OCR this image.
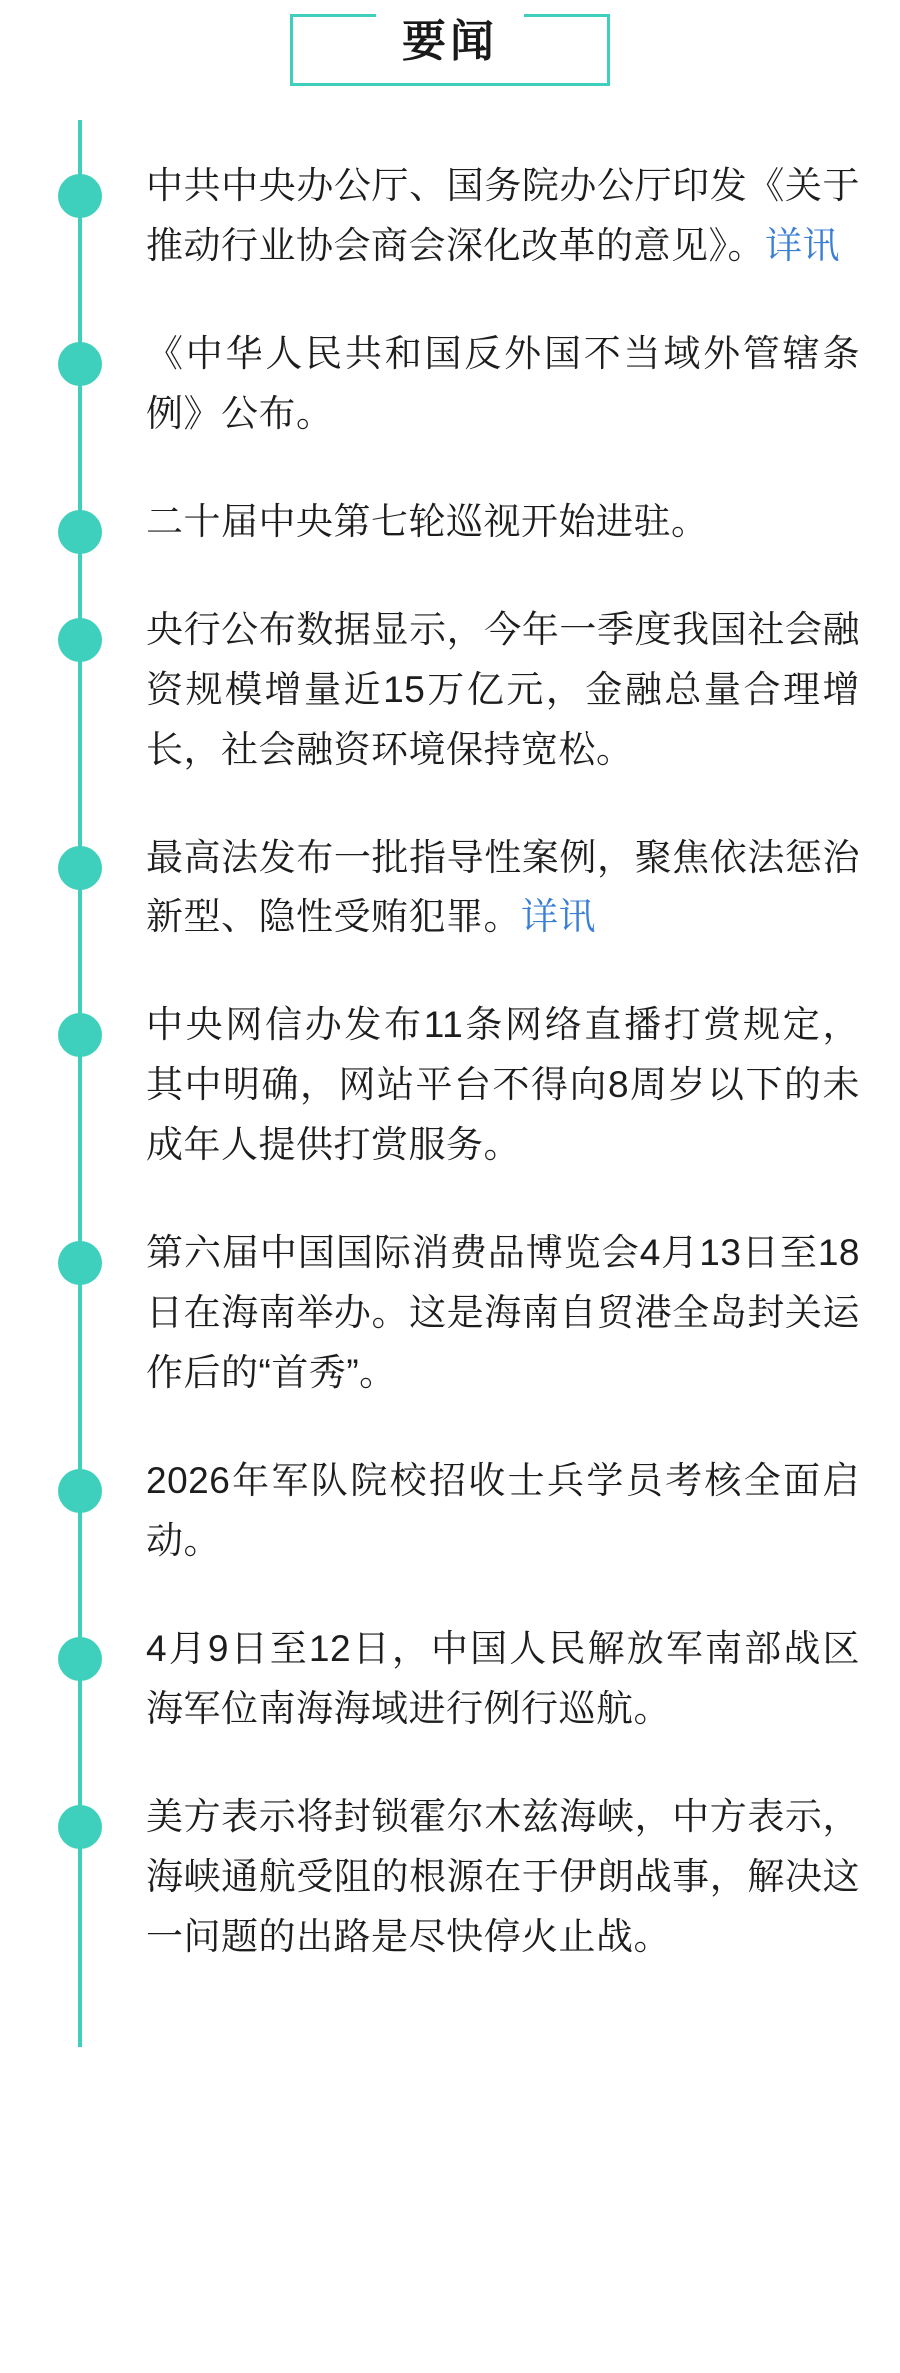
要闻
中共中央办公厅、国务院办公厅印发《关于推动行业协会商会深化改革的意见》。详讯
《中华人民共和国反外国不当域外管辖条例》公布。
二十届中央第七轮巡视开始进驻。
央行公布数据显示，今年一季度我国社会融资规模增量近15万亿元，金融总量合理增长，社会融资环境保持宽松。
最高法发布一批指导性案例，聚焦依法惩治新型、隐性受贿犯罪。详讯
中央网信办发布11条网络直播打赏规定，其中明确，网站平台不得向8周岁以下的未成年人提供打赏服务。
第六届中国国际消费品博览会4月13日至18日在海南举办。这是海南自贸港全岛封关运作后的“首秀”。
2026年军队院校招收士兵学员考核全面启动。
4月9日至12日，中国人民解放军南部战区海军位南海海域进行例行巡航。
美方表示将封锁霍尔木兹海峡，中方表示，海峡通航受阻的根源在于伊朗战事，解决这一问题的出路是尽快停火止战。
